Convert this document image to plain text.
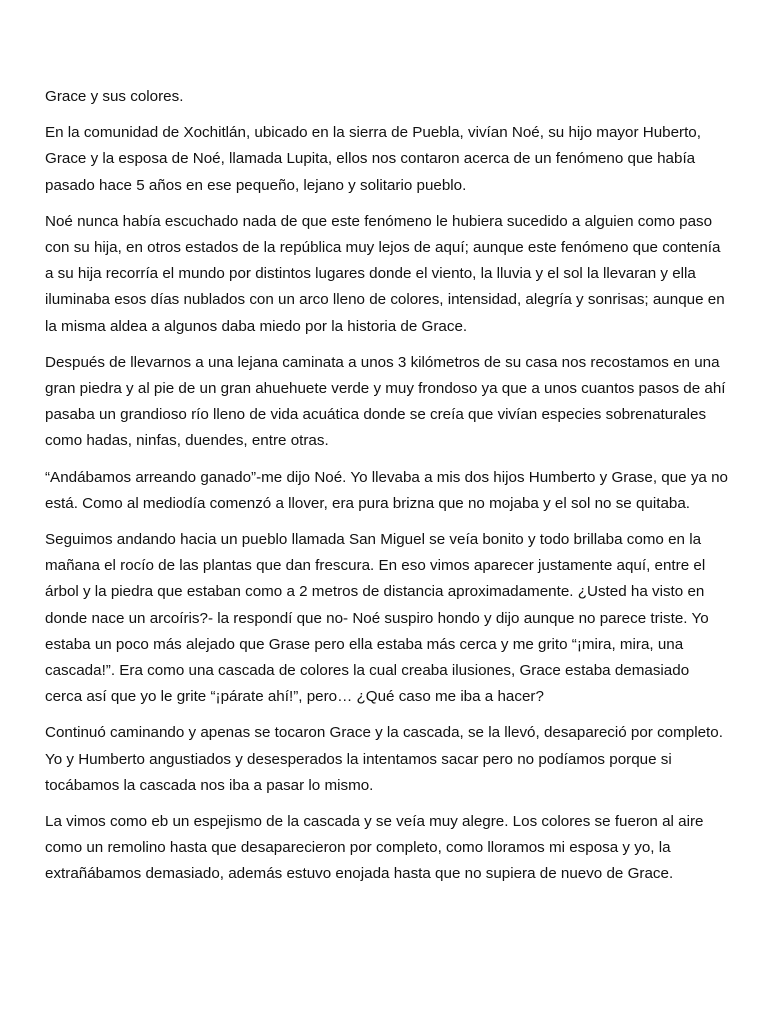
Grace y sus colores.

En la comunidad de Xochitlán, ubicado en la sierra de Puebla, vivían Noé, su hijo mayor Huberto, Grace y la esposa de Noé, llamada Lupita, ellos nos contaron acerca de un fenómeno que había pasado hace 5 años en ese pequeño, lejano y solitario pueblo.

Noé nunca había escuchado nada de que este fenómeno le hubiera sucedido a alguien como paso con su hija, en otros estados de la república muy lejos de aquí; aunque este fenómeno que contenía a su hija recorría el mundo por distintos lugares donde el viento, la lluvia y el sol la llevaran y ella iluminaba esos días nublados con un arco lleno de colores, intensidad, alegría y sonrisas; aunque en la misma aldea a algunos daba miedo por la historia de Grace.

Después de llevarnos a una lejana caminata a unos 3 kilómetros de su casa nos recostamos en una gran piedra y al pie de un gran ahuehuete verde y muy frondoso ya que a unos cuantos pasos de ahí pasaba un grandioso río lleno de vida acuática donde se creía que vivían especies sobrenaturales como hadas, ninfas, duendes, entre otras.

“Andábamos arreando ganado”-me dijo Noé. Yo llevaba a mis dos hijos Humberto y Grase, que ya no está. Como al mediodía comenzó a llover, era pura brizna que no mojaba y el sol no se quitaba.

Seguimos andando hacia un pueblo llamada San Miguel se veía bonito y todo brillaba como en la mañana el rocío de las plantas que dan frescura. En eso vimos aparecer justamente aquí, entre el árbol y la piedra que estaban como a 2 metros de distancia aproximadamente. ¿Usted ha visto en donde nace un arcoíris?- la respondí que no- Noé suspiro hondo y dijo aunque no parece triste. Yo estaba un poco más alejado que Grase pero ella estaba más cerca y me grito “¡mira, mira, una cascada!”. Era como una cascada de colores la cual creaba ilusiones, Grace estaba demasiado cerca así que yo le grite “¡párate ahí!”, pero… ¿Qué caso me iba a hacer?

Continuó caminando y apenas se tocaron Grace y la cascada, se la llevó, desapareció por completo. Yo y Humberto angustiados y desesperados la intentamos sacar pero no podíamos porque si tocábamos la cascada nos iba a pasar lo mismo.

La vimos como eb un espejismo de la cascada y se veía muy alegre. Los colores se fueron al aire como un remolino hasta que desaparecieron por completo, como lloramos mi esposa y yo, la extrañábamos demasiado, además estuvo enojada hasta que no supiera de nuevo de Grace.
